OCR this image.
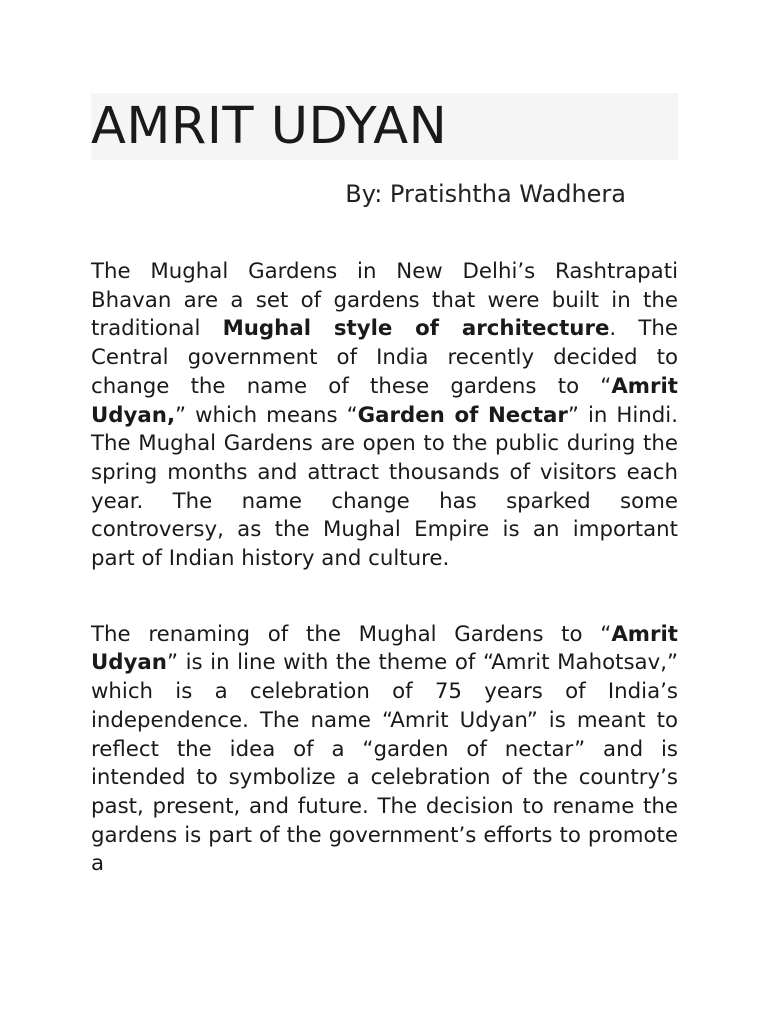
AMRIT UDYAN
By: Pratishtha Wadhera

The Mughal Gardens in New Delhi’s Rashtrapati Bhavan are a set of gardens that were built in the traditional Mughal style of architecture. The Central government of India recently decided to change the name of these gardens to “Amrit Udyan,” which means “Garden of Nectar” in Hindi. The Mughal Gardens are open to the public during the spring months and attract thousands of visitors each year. The name change has sparked some controversy, as the Mughal Empire is an important part of Indian history and culture.

The renaming of the Mughal Gardens to “Amrit Udyan” is in line with the theme of “Amrit Mahotsav,” which is a celebration of 75 years of India’s independence. The name “Amrit Udyan” is meant to reflect the idea of a “garden of nectar” and is intended to symbolize a celebration of the country’s past, present, and future. The decision to rename the gardens is part of the government’s efforts to promote a
